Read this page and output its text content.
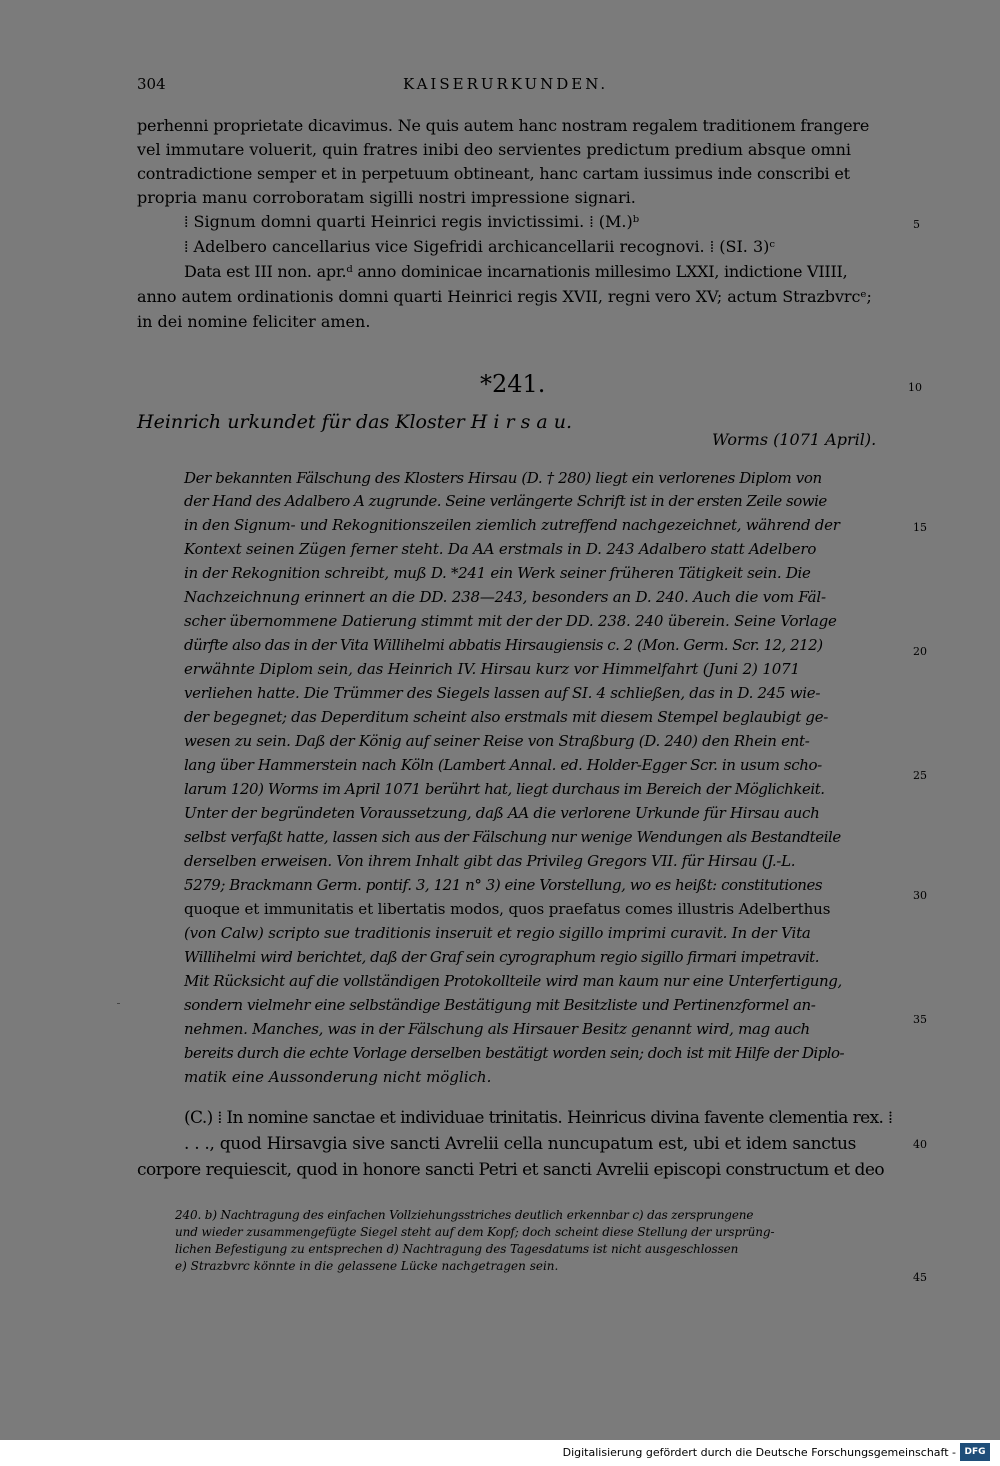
304	KAISERURKUNDEN.
perhenni proprietate dicavimus. Ne quis autem hanc nostram regalem traditionem frangere
vel immutare voluerit, quin fratres inibi deo servientes predictum predium absque omni
contradictione semper et in perpetuum obtineant, hanc cartam iussimus inde conscribi et
propria manu corroboratam sigilli nostri impressione signari.
⁞ Signum domni quarti Heinrici regis invictissimi. ⁞ (M.)ᵇ
⁞ Adelbero cancellarius vice Sigefridi archicancellarii recognovi. ⁞ (SI. 3)ᶜ
Data est III non. apr.ᵈ anno dominicae incarnationis millesimo LXXI, indictione VIIII,
anno autem ordinationis domni quarti Heinrici regis XVII, regni vero XV; actum Strazbvrcᵉ;
in dei nomine feliciter amen.
*241.
Heinrich urkundet für das Kloster H i r s a u.
Worms (1071 April).
Der bekannten Fälschung des Klosters Hirsau (D. † 280) liegt ein verlorenes Diplom von
der Hand des Adalbero A zugrunde. Seine verlängerte Schrift ist in der ersten Zeile sowie
in den Signum- und Rekognitionszeilen ziemlich zutreffend nachgezeichnet, während der
Kontext seinen Zügen ferner steht. Da AA erstmals in D. 243 Adalbero statt Adelbero
in der Rekognition schreibt, muß D. *241 ein Werk seiner früheren Tätigkeit sein. Die
Nachzeichnung erinnert an die DD. 238—243, besonders an D. 240. Auch die vom Fäl-
scher übernommene Datierung stimmt mit der der DD. 238. 240 überein. Seine Vorlage
dürfte also das in der Vita Willihelmi abbatis Hirsaugiensis c. 2 (Mon. Germ. Scr. 12, 212)
erwähnte Diplom sein, das Heinrich IV. Hirsau kurz vor Himmelfahrt (Juni 2) 1071
verliehen hatte. Die Trümmer des Siegels lassen auf SI. 4 schließen, das in D. 245 wie-
der begegnet; das Deperditum scheint also erstmals mit diesem Stempel beglaubigt ge-
wesen zu sein. Daß der König auf seiner Reise von Straßburg (D. 240) den Rhein ent-
lang über Hammerstein nach Köln (Lambert Annal. ed. Holder-Egger Scr. in usum scho-
larum 120) Worms im April 1071 berührt hat, liegt durchaus im Bereich der Möglichkeit.
Unter der begründeten Voraussetzung, daß AA die verlorene Urkunde für Hirsau auch
selbst verfaßt hatte, lassen sich aus der Fälschung nur wenige Wendungen als Bestandteile
derselben erweisen. Von ihrem Inhalt gibt das Privileg Gregors VII. für Hirsau (J.-L.
5279; Brackmann Germ. pontif. 3, 121 n° 3) eine Vorstellung, wo es heißt: constitutiones
quoque et immunitatis et libertatis modos, quos praefatus comes illustris Adelberthus
(von Calw) scripto sue traditionis inseruit et regio sigillo imprimi curavit. In der Vita
Willihelmi wird berichtet, daß der Graf sein cyrographum regio sigillo firmari impetravit.
Mit Rücksicht auf die vollständigen Protokollteile wird man kaum nur eine Unterfertigung,
sondern vielmehr eine selbständige Bestätigung mit Besitzliste und Pertinenzformel an-
nehmen. Manches, was in der Fälschung als Hirsauer Besitz genannt wird, mag auch
bereits durch die echte Vorlage derselben bestätigt worden sein; doch ist mit Hilfe der Diplo-
matik eine Aussonderung nicht möglich.
(C.) ⁞ In nomine sanctae et individuae trinitatis. Heinricus divina favente clementia rex. ⁞
. . ., quod Hirsavgia sive sancti Avrelii cella nuncupatum est, ubi et idem sanctus
corpore requiescit, quod in honore sancti Petri et sancti Avrelii episcopi constructum et deo
240. b) Nachtragung des einfachen Vollziehungsstriches deutlich erkennbar c) das zersprungene
und wieder zusammengefügte Siegel steht auf dem Kopf; doch scheint diese Stellung der ursprüng-
lichen Befestigung zu entsprechen d) Nachtragung des Tagesdatums ist nicht ausgeschlossen
e) Strazbvrc könnte in die gelassene Lücke nachgetragen sein.
5
10
15
20
25
30
35
40
45
Digitalisierung gefördert durch die Deutsche Forschungsgemeinschaft - DFG
